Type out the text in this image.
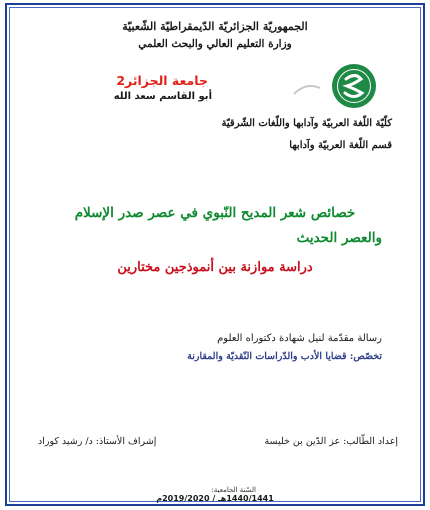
الجمهوريّة الجزائريّة الدّيمقراطيّة الشّعبيّة
وزارة التعليم العالي والبحث العلمي
جامعة الجزائر2
أبو القاسم سعد الله
كلّيّة اللّغة العربيّة وآدابها واللّغات الشّرقيّة
قسم اللّغة العربيّة وآدابها
خصائص شعر المديح النّبوي في عصر صدر الإسلام
والعصر الحديث
دراسة موازنة بين أنموذجين مختارين
رسالة مقدّمة لنيل شهادة دكتوراه العلوم
تخصّص: قضايا الأدب والدّراسات النّقديّة والمقارنة
إعداد الطّالب: عز الدّين بن خليسة
إشراف الأستاذ: د/ رشيد كوراد
السّنة الجامعية:
1440/1441هـ / 2019/2020م
